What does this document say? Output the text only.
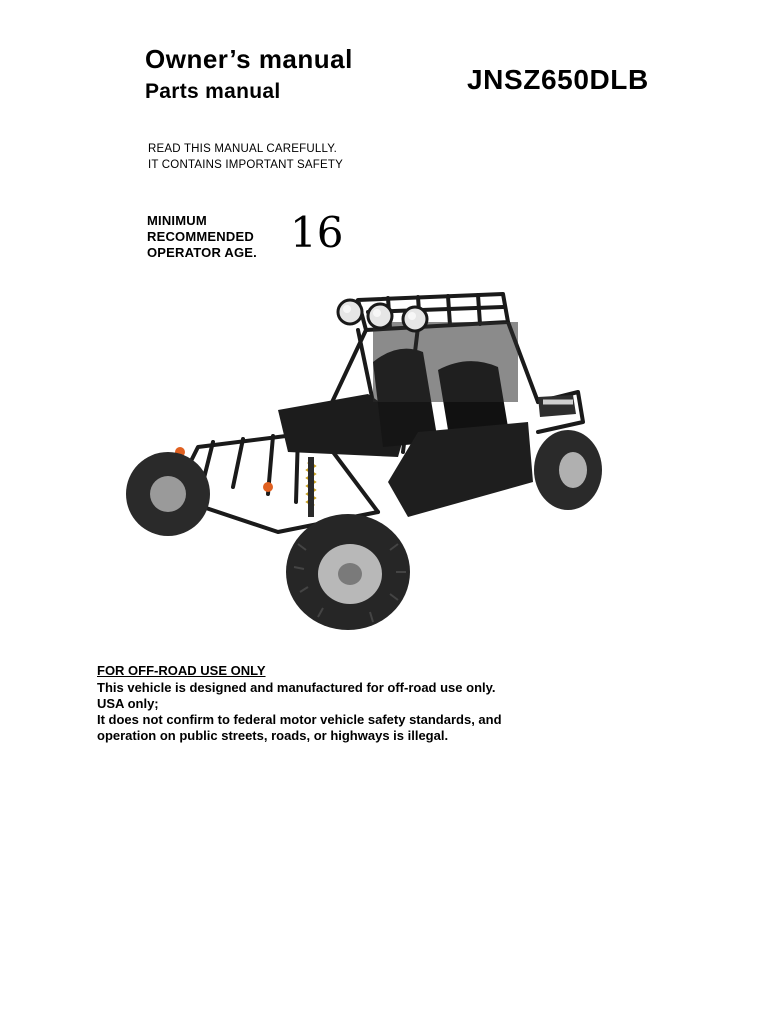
Owner’s manual
Parts manual	JNSZ650DLB
READ THIS MANUAL CAREFULLY.
IT CONTAINS IMPORTANT SAFETY
MINIMUM
RECOMMENDED
OPERATOR AGE. 16
FOR OFF-ROAD USE ONLY
This vehicle is designed and manufactured for off-road use only.
USA only;
It does not confirm to federal motor vehicle safety standards, and
operation on public streets, roads, or highways is illegal.
